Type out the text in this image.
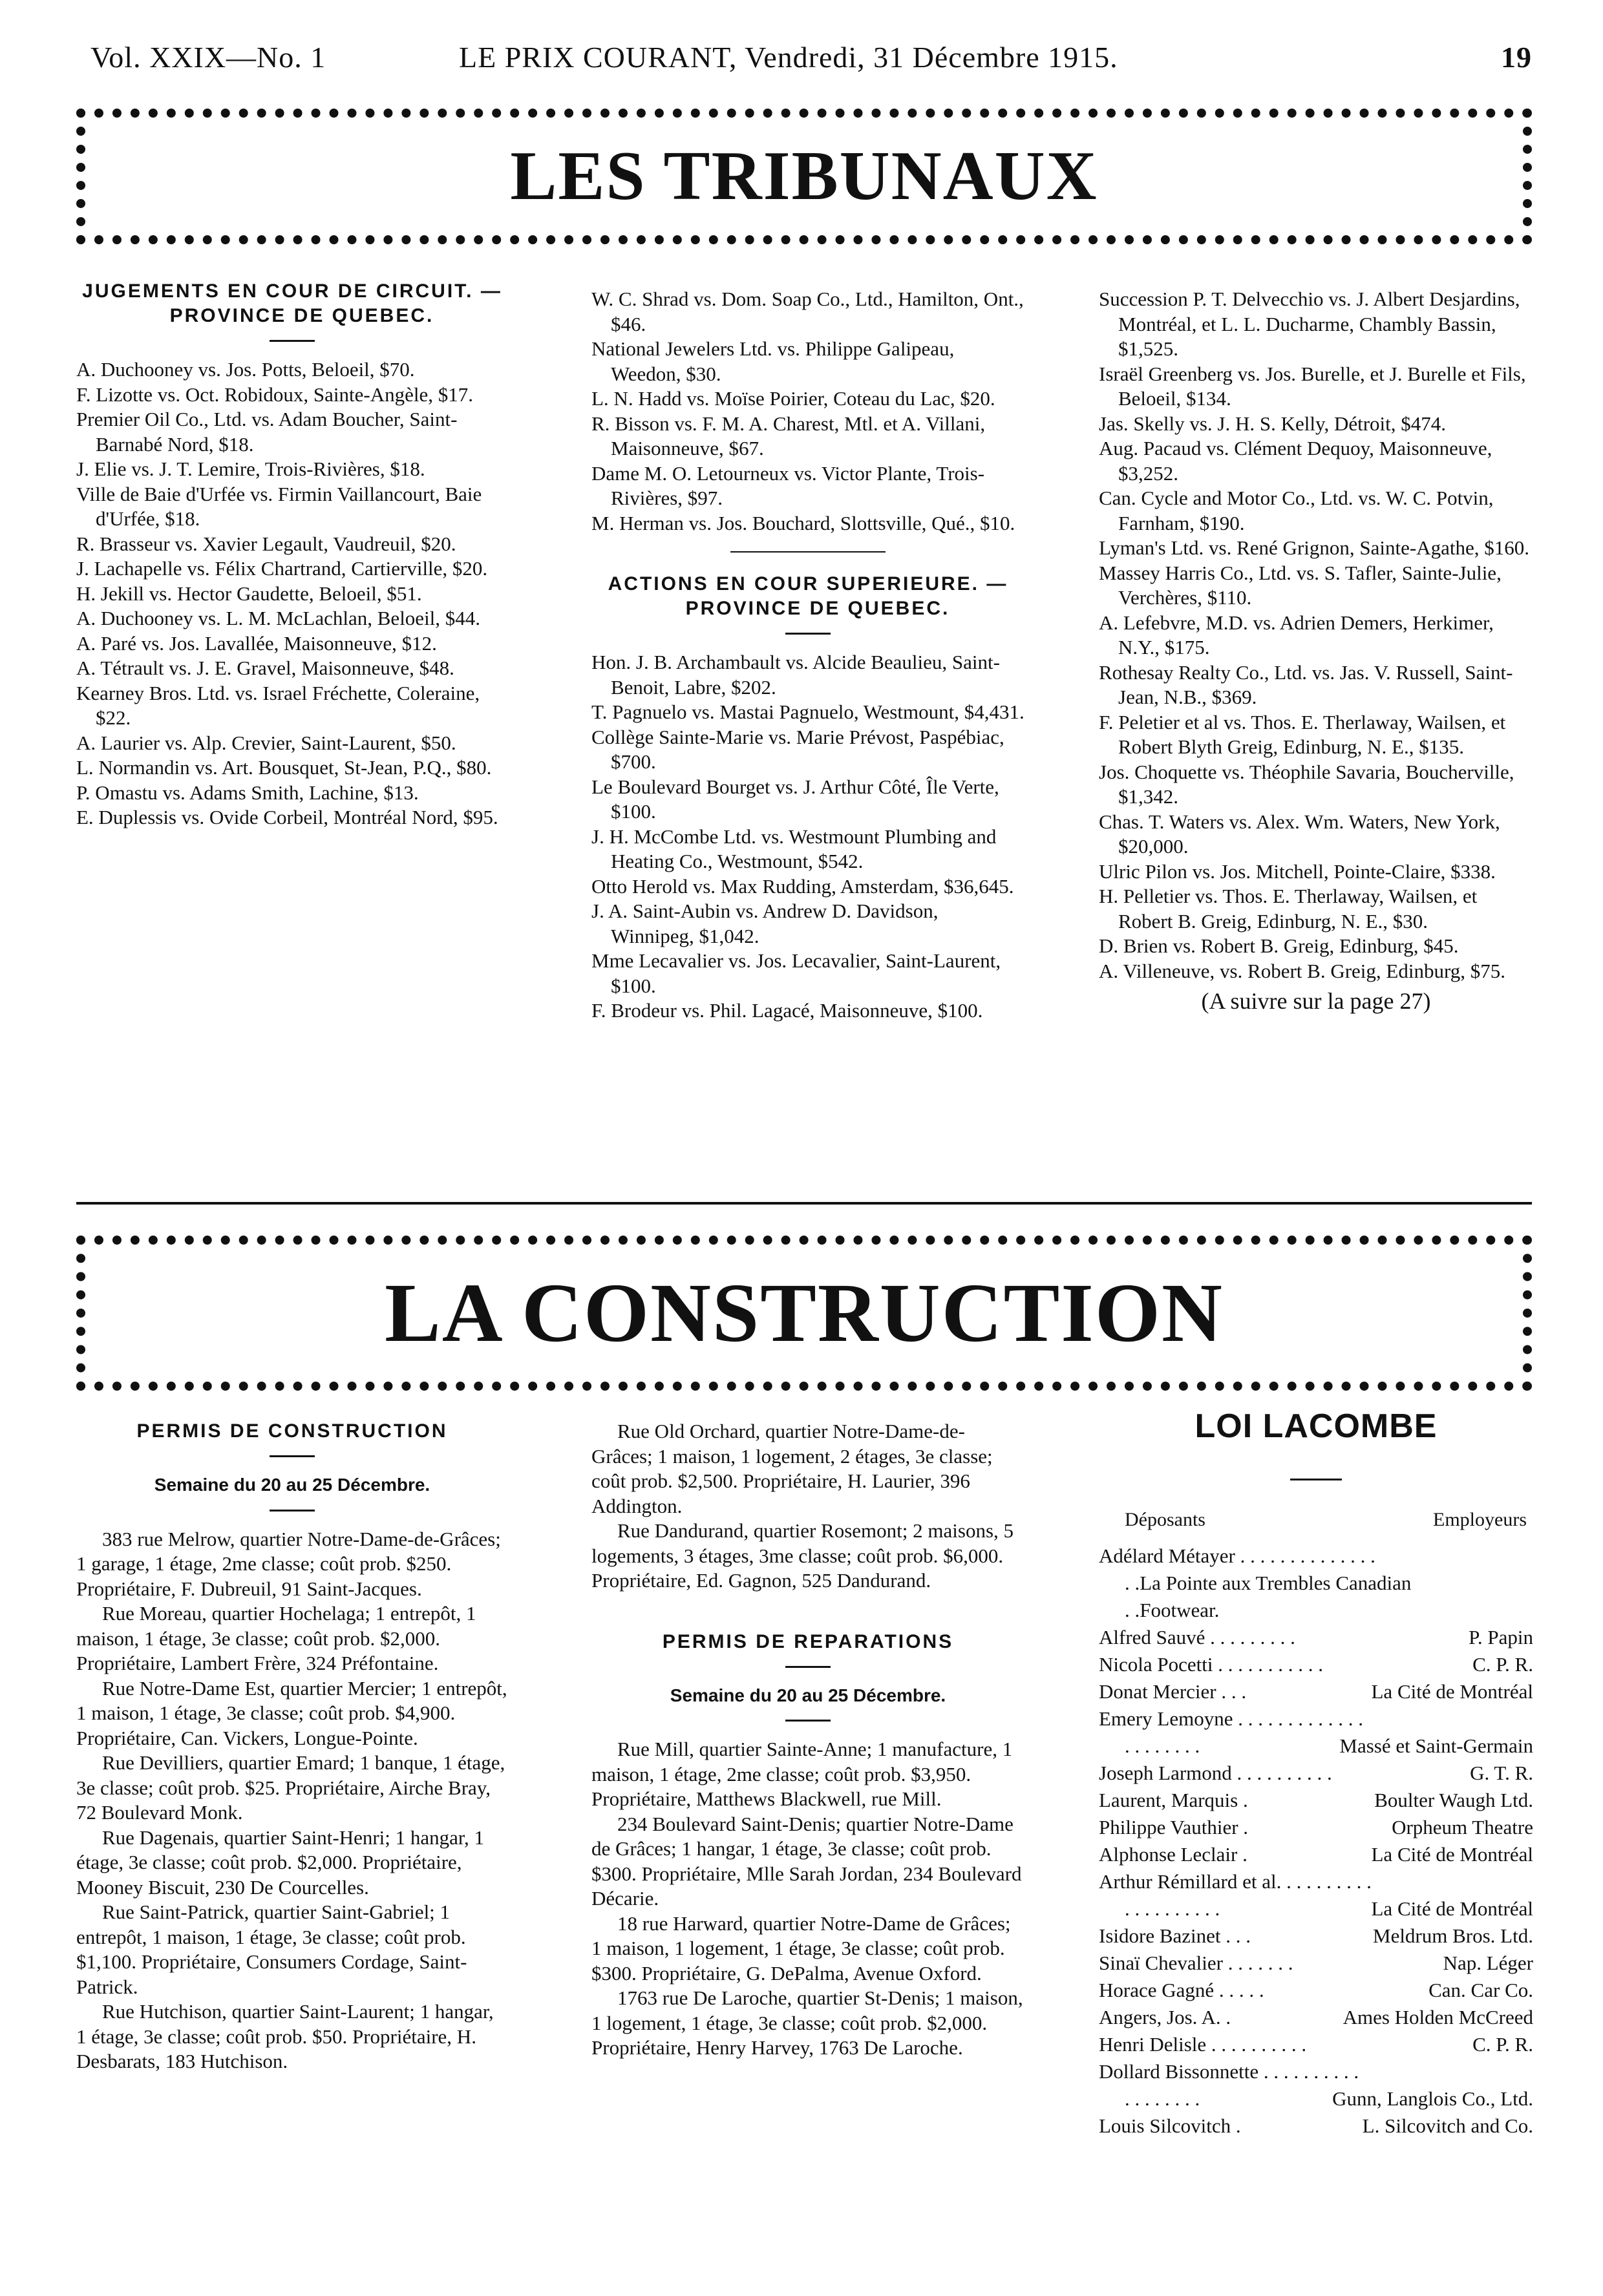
Vol. XXIX—No. 1	LE PRIX COURANT, Vendredi, 31 Décembre 1915.	19
LES TRIBUNAUX

JUGEMENTS EN COUR DE CIRCUIT. — PROVINCE DE QUEBEC.

A. Duchooney vs. Jos. Potts, Beloeil, $70.

F. Lizotte vs. Oct. Robidoux, Sainte-Angèle, $17.

Premier Oil Co., Ltd. vs. Adam Boucher, Saint-Barnabé Nord, $18.

J. Elie vs. J. T. Lemire, Trois-Rivières, $18.

Ville de Baie d'Urfée vs. Firmin Vaillancourt, Baie d'Urfée, $18.

R. Brasseur vs. Xavier Legault, Vaudreuil, $20.

J. Lachapelle vs. Félix Chartrand, Cartierville, $20.

H. Jekill vs. Hector Gaudette, Beloeil, $51.

A. Duchooney vs. L. M. McLachlan, Beloeil, $44.

A. Paré vs. Jos. Lavallée, Maisonneuve, $12.

A. Tétrault vs. J. E. Gravel, Maisonneuve, $48.

Kearney Bros. Ltd. vs. Israel Fréchette, Coleraine, $22.

A. Laurier vs. Alp. Crevier, Saint-Laurent, $50.

L. Normandin vs. Art. Bousquet, St-Jean, P.Q., $80.

P. Omastu vs. Adams Smith, Lachine, $13.

E. Duplessis vs. Ovide Corbeil, Montréal Nord, $95.

W. C. Shrad vs. Dom. Soap Co., Ltd., Hamilton, Ont., $46.

National Jewelers Ltd. vs. Philippe Galipeau, Weedon, $30.

L. N. Hadd vs. Moïse Poirier, Coteau du Lac, $20.

R. Bisson vs. F. M. A. Charest, Mtl. et A. Villani, Maisonneuve, $67.

Dame M. O. Letourneux vs. Victor Plante, Trois-Rivières, $97.

M. Herman vs. Jos. Bouchard, Slottsville, Qué., $10.

ACTIONS EN COUR SUPERIEURE. — PROVINCE DE QUEBEC.

Hon. J. B. Archambault vs. Alcide Beaulieu, Saint-Benoit, Labre, $202.

T. Pagnuelo vs. Mastai Pagnuelo, Westmount, $4,431.

Collège Sainte-Marie vs. Marie Prévost, Paspébiac, $700.

Le Boulevard Bourget vs. J. Arthur Côté, Île Verte, $100.

J. H. McCombe Ltd. vs. Westmount Plumbing and Heating Co., Westmount, $542.

Otto Herold vs. Max Rudding, Amsterdam, $36,645.

J. A. Saint-Aubin vs. Andrew D. Davidson, Winnipeg, $1,042.

Mme Lecavalier vs. Jos. Lecavalier, Saint-Laurent, $100.

F. Brodeur vs. Phil. Lagacé, Maisonneuve, $100.

Succession P. T. Delvecchio vs. J. Albert Desjardins, Montréal, et L. L. Ducharme, Chambly Bassin, $1,525.

Israël Greenberg vs. Jos. Burelle, et J. Burelle et Fils, Beloeil, $134.

Jas. Skelly vs. J. H. S. Kelly, Détroit, $474.

Aug. Pacaud vs. Clément Dequoy, Maisonneuve, $3,252.

Can. Cycle and Motor Co., Ltd. vs. W. C. Potvin, Farnham, $190.

Lyman's Ltd. vs. René Grignon, Sainte-Agathe, $160.

Massey Harris Co., Ltd. vs. S. Tafler, Sainte-Julie, Verchères, $110.

A. Lefebvre, M.D. vs. Adrien Demers, Herkimer, N.Y., $175.

Rothesay Realty Co., Ltd. vs. Jas. V. Russell, Saint-Jean, N.B., $369.

F. Peletier et al vs. Thos. E. Therlaway, Wailsen, et Robert Blyth Greig, Edinburg, N. E., $135.

Jos. Choquette vs. Théophile Savaria, Boucherville, $1,342.

Chas. T. Waters vs. Alex. Wm. Waters, New York, $20,000.

Ulric Pilon vs. Jos. Mitchell, Pointe-Claire, $338.

H. Pelletier vs. Thos. E. Therlaway, Wailsen, et Robert B. Greig, Edinburg, N. E., $30.

D. Brien vs. Robert B. Greig, Edinburg, $45.

A. Villeneuve, vs. Robert B. Greig, Edinburg, $75.

(A suivre sur la page 27)
LA CONSTRUCTION

PERMIS DE CONSTRUCTION

Semaine du 20 au 25 Décembre.

383 rue Melrow, quartier Notre-Dame-de-Grâces; 1 garage, 1 étage, 2me classe; coût prob. $250. Propriétaire, F. Dubreuil, 91 Saint-Jacques.

Rue Moreau, quartier Hochelaga; 1 entrepôt, 1 maison, 1 étage, 3e classe; coût prob. $2,000. Propriétaire, Lambert Frère, 324 Préfontaine.

Rue Notre-Dame Est, quartier Mercier; 1 entrepôt, 1 maison, 1 étage, 3e classe; coût prob. $4,900. Propriétaire, Can. Vickers, Longue-Pointe.

Rue Devilliers, quartier Emard; 1 banque, 1 étage, 3e classe; coût prob. $25. Propriétaire, Airche Bray, 72 Boulevard Monk.

Rue Dagenais, quartier Saint-Henri; 1 hangar, 1 étage, 3e classe; coût prob. $2,000. Propriétaire, Mooney Biscuit, 230 De Courcelles.

Rue Saint-Patrick, quartier Saint-Gabriel; 1 entrepôt, 1 maison, 1 étage, 3e classe; coût prob. $1,100. Propriétaire, Consumers Cordage, Saint-Patrick.

Rue Hutchison, quartier Saint-Laurent; 1 hangar, 1 étage, 3e classe; coût prob. $50. Propriétaire, H. Desbarats, 183 Hutchison.

Rue Old Orchard, quartier Notre-Dame-de-Grâces; 1 maison, 1 logement, 2 étages, 3e classe; coût prob. $2,500. Propriétaire, H. Laurier, 396 Addington.

Rue Dandurand, quartier Rosemont; 2 maisons, 5 logements, 3 étages, 3me classe; coût prob. $6,000. Propriétaire, Ed. Gagnon, 525 Dandurand.

PERMIS DE REPARATIONS

Semaine du 20 au 25 Décembre.

Rue Mill, quartier Sainte-Anne; 1 manufacture, 1 maison, 1 étage, 2me classe; coût prob. $3,950. Propriétaire, Matthews Blackwell, rue Mill.

234 Boulevard Saint-Denis; quartier Notre-Dame de Grâces; 1 hangar, 1 étage, 3e classe; coût prob. $300. Propriétaire, Mlle Sarah Jordan, 234 Boulevard Décarie.

18 rue Harward, quartier Notre-Dame de Grâces; 1 maison, 1 logement, 1 étage, 3e classe; coût prob. $300. Propriétaire, G. DePalma, Avenue Oxford.

1763 rue De Laroche, quartier St-Denis; 1 maison, 1 logement, 1 étage, 3e classe; coût prob. $2,000. Propriétaire, Henry Harvey, 1763 De Laroche.

LOI LACOMBE

Déposants	Employeurs
Adélard Métayer . . . . . . . . . . . . . .
. .La Pointe aux Trembles Canadian
. .Footwear.
Alfred Sauvé . . . . . . . . .	P. Papin
Nicola Pocetti . . . . . . . . . . .	C. P. R.
Donat Mercier . . .	La Cité de Montréal
Emery Lemoyne . . . . . . . . . . . . .
. . . . . . . .	Massé et Saint-Germain
Joseph Larmond . . . . . . . . . .	G. T. R.
Laurent, Marquis .	Boulter Waugh Ltd.
Philippe Vauthier .	Orpheum Theatre
Alphonse Leclair .	La Cité de Montréal
Arthur Rémillard et al. . . . . . . . . .
. . . . . . . . . .	La Cité de Montréal
Isidore Bazinet . . .	Meldrum Bros. Ltd.
Sinaï Chevalier . . . . . . .	Nap. Léger
Horace Gagné . . . . .	Can. Car Co.
Angers, Jos. A. .	Ames Holden McCreed
Henri Delisle . . . . . . . . . .	C. P. R.
Dollard Bissonnette . . . . . . . . . .
. . . . . . . .	Gunn, Langlois Co., Ltd.
Louis Silcovitch .	L. Silcovitch and Co.
